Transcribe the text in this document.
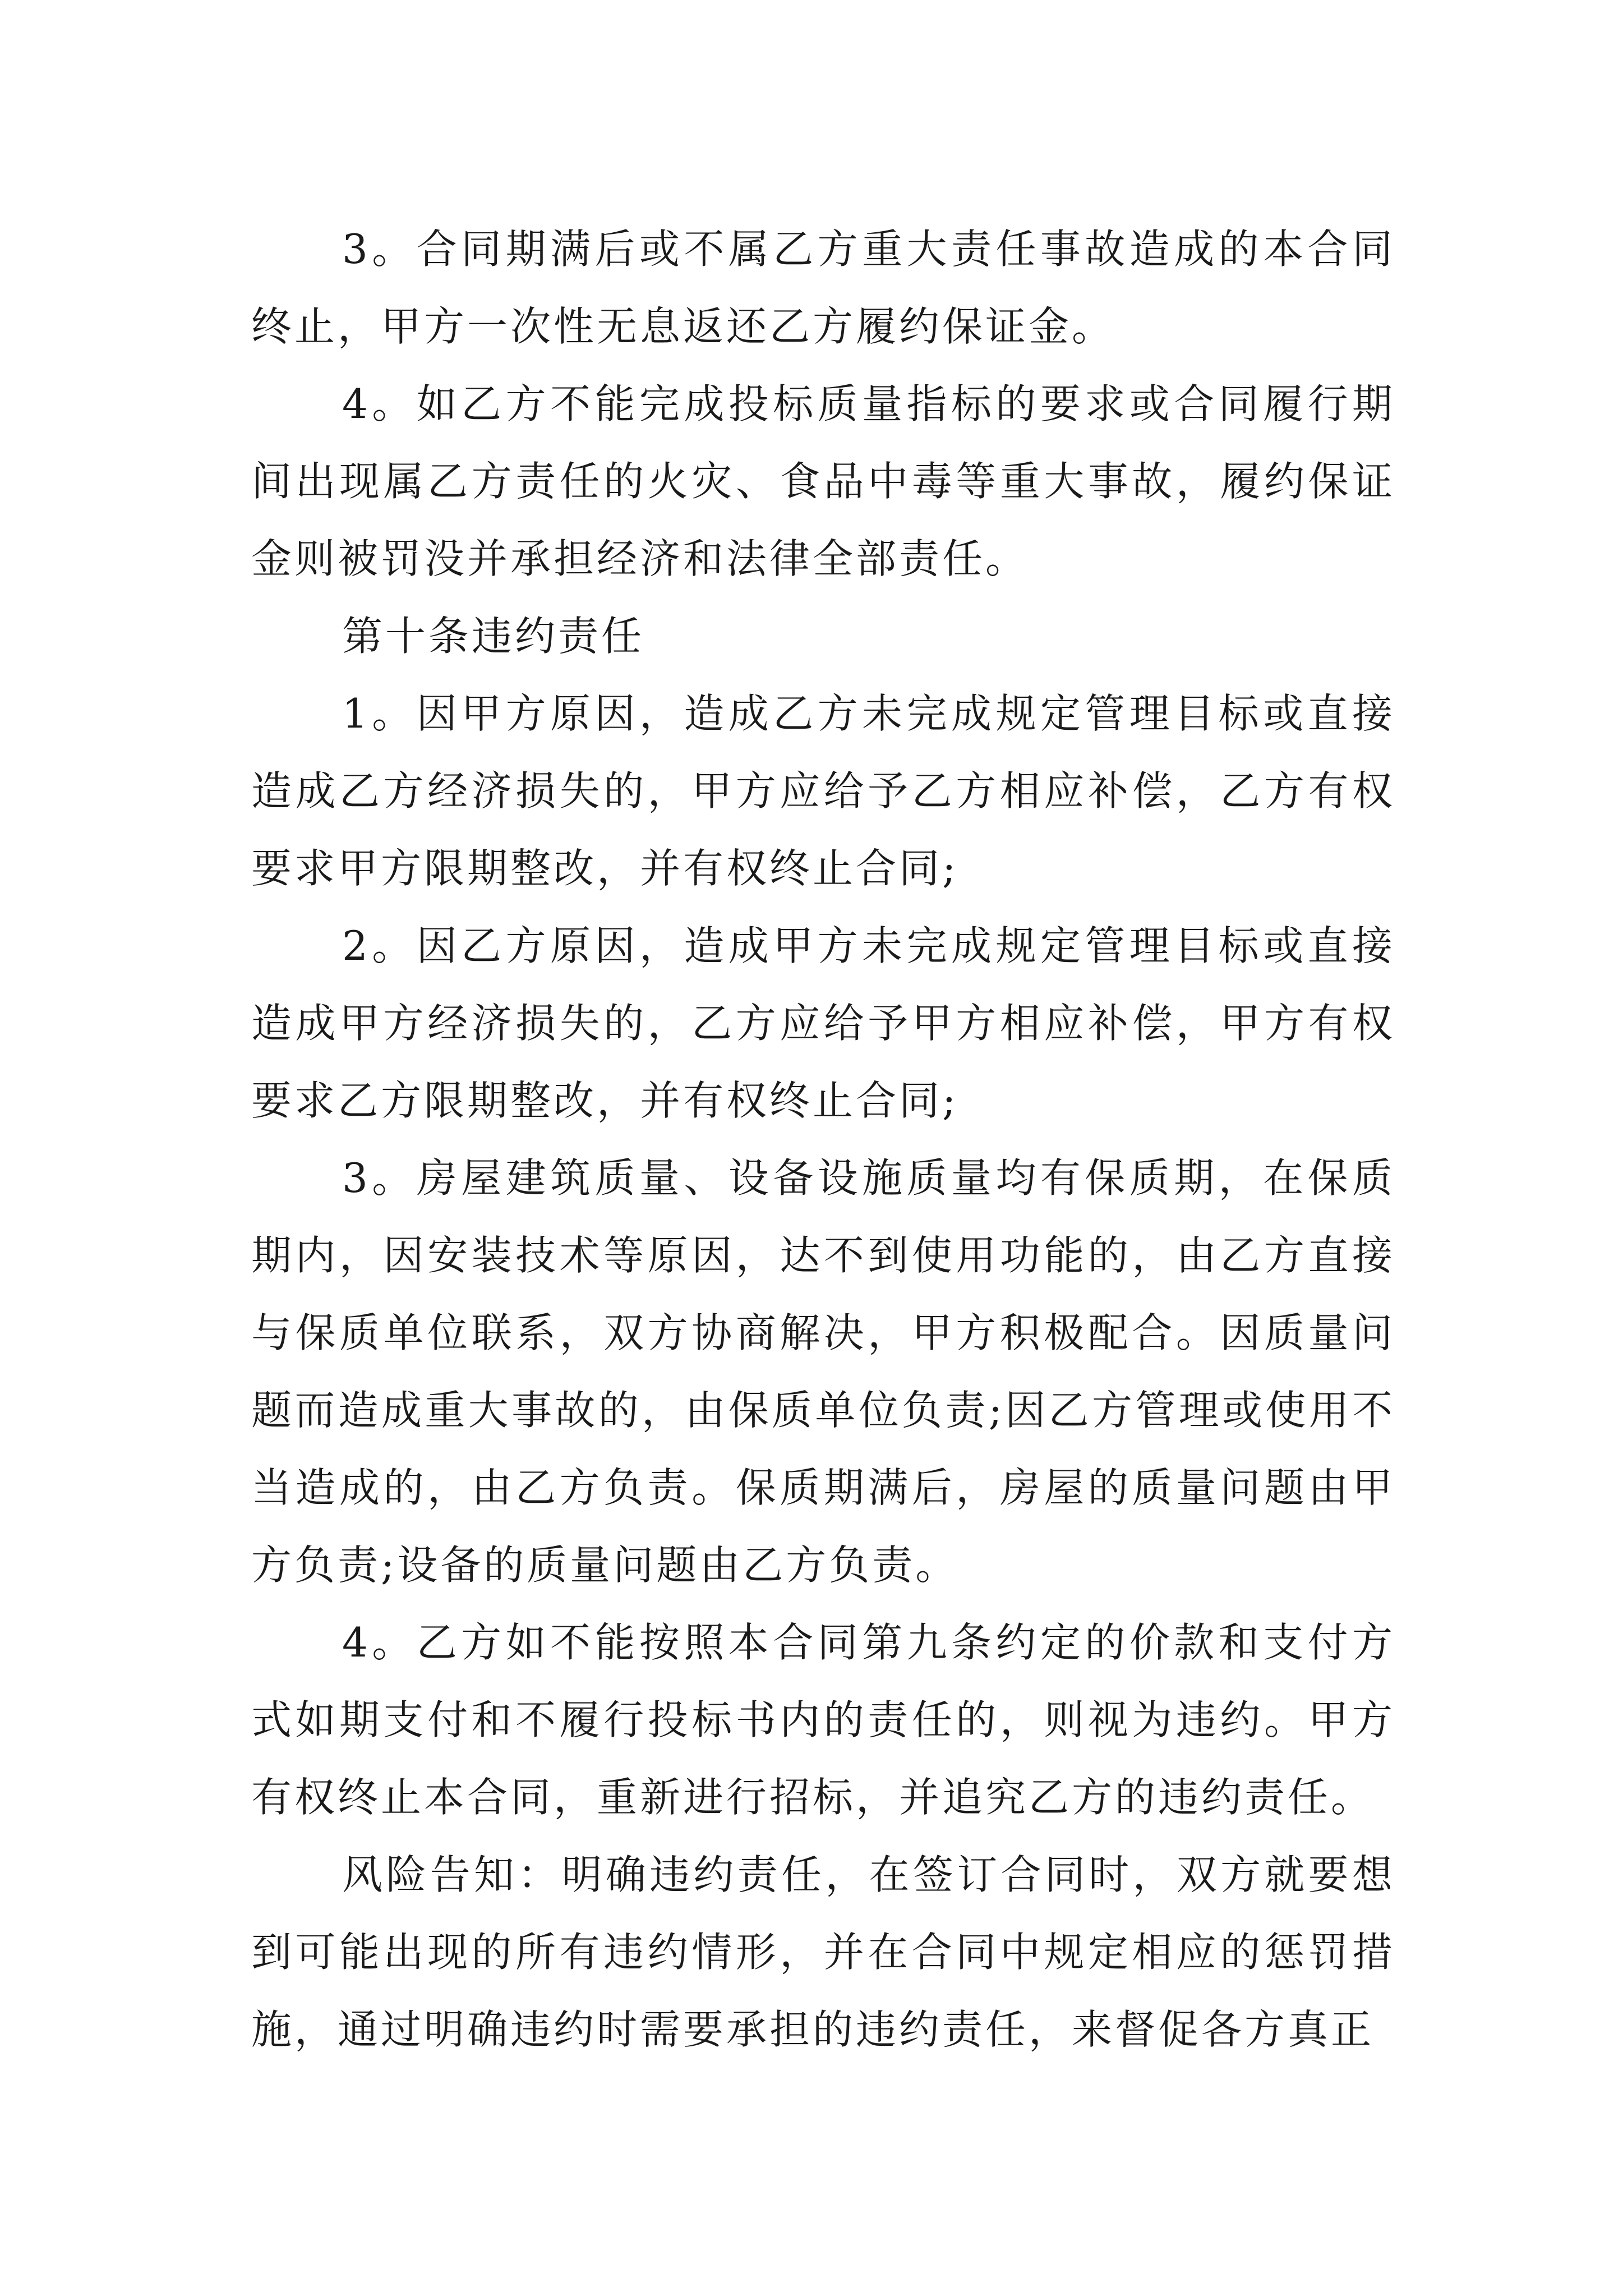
3。合同期满后或不属乙方重大责任事故造成的本合同终止，甲方一次性无息返还乙方履约保证金。

4。如乙方不能完成投标质量指标的要求或合同履行期间出现属乙方责任的火灾、食品中毒等重大事故，履约保证金则被罚没并承担经济和法律全部责任。

第十条违约责任

1。因甲方原因，造成乙方未完成规定管理目标或直接造成乙方经济损失的，甲方应给予乙方相应补偿，乙方有权要求甲方限期整改，并有权终止合同;

2。因乙方原因，造成甲方未完成规定管理目标或直接造成甲方经济损失的，乙方应给予甲方相应补偿，甲方有权要求乙方限期整改，并有权终止合同;

3。房屋建筑质量、设备设施质量均有保质期，在保质期内，因安装技术等原因，达不到使用功能的，由乙方直接与保质单位联系，双方协商解决，甲方积极配合。因质量问题而造成重大事故的，由保质单位负责;因乙方管理或使用不当造成的，由乙方负责。保质期满后，房屋的质量问题由甲方负责;设备的质量问题由乙方负责。

4。乙方如不能按照本合同第九条约定的价款和支付方式如期支付和不履行投标书内的责任的，则视为违约。甲方有权终止本合同，重新进行招标，并追究乙方的违约责任。

风险告知：明确违约责任，在签订合同时，双方就要想到可能出现的所有违约情形，并在合同中规定相应的惩罚措施，通过明确违约时需要承担的违约责任，来督促各方真正
